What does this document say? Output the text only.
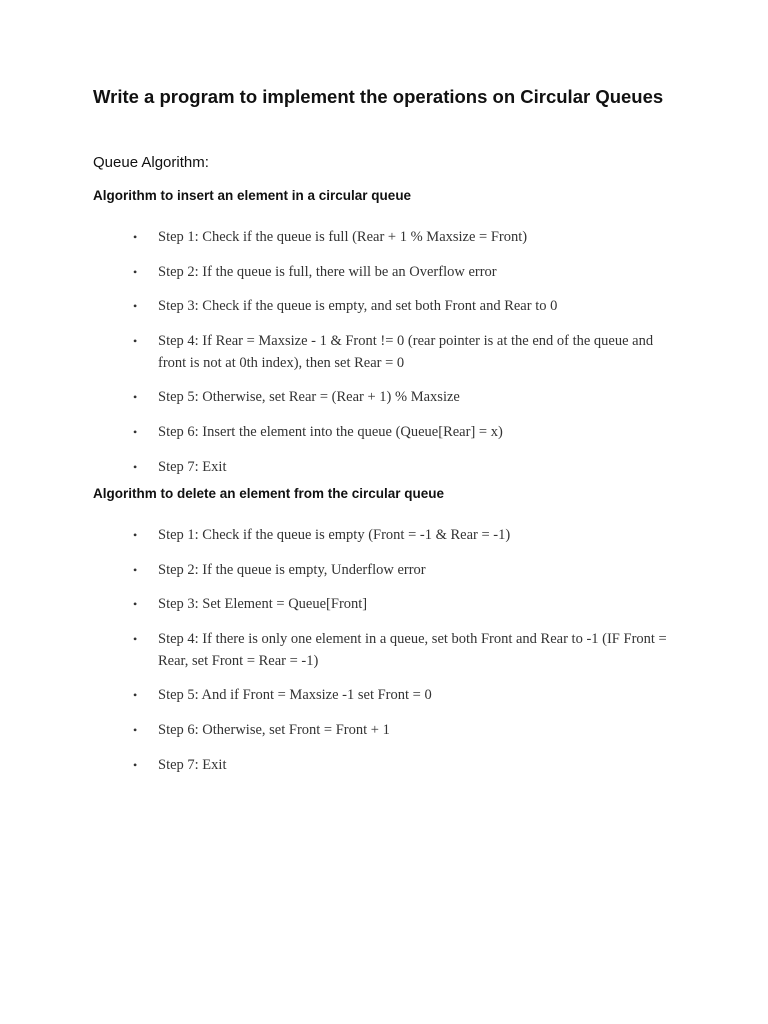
Write a program to implement the operations on Circular Queues

Queue Algorithm:

Algorithm to insert an element in a circular queue
•	Step 1: Check if the queue is full (Rear + 1 % Maxsize = Front)
•	Step 2: If the queue is full, there will be an Overflow error
•	Step 3: Check if the queue is empty, and set both Front and Rear to 0
•	Step 4: If Rear = Maxsize - 1 & Front != 0 (rear pointer is at the end of the queue and front is not at 0th index), then set Rear = 0
•	Step 5: Otherwise, set Rear = (Rear + 1) % Maxsize
•	Step 6: Insert the element into the queue (Queue[Rear] = x)
•	Step 7: Exit
Algorithm to delete an element from the circular queue
•	Step 1: Check if the queue is empty (Front = -1 & Rear = -1)
•	Step 2: If the queue is empty, Underflow error
•	Step 3: Set Element = Queue[Front]
•	Step 4: If there is only one element in a queue, set both Front and Rear to -1 (IF Front = Rear, set Front = Rear = -1)
•	Step 5: And if Front = Maxsize -1 set Front = 0
•	Step 6: Otherwise, set Front = Front + 1
•	Step 7: Exit
